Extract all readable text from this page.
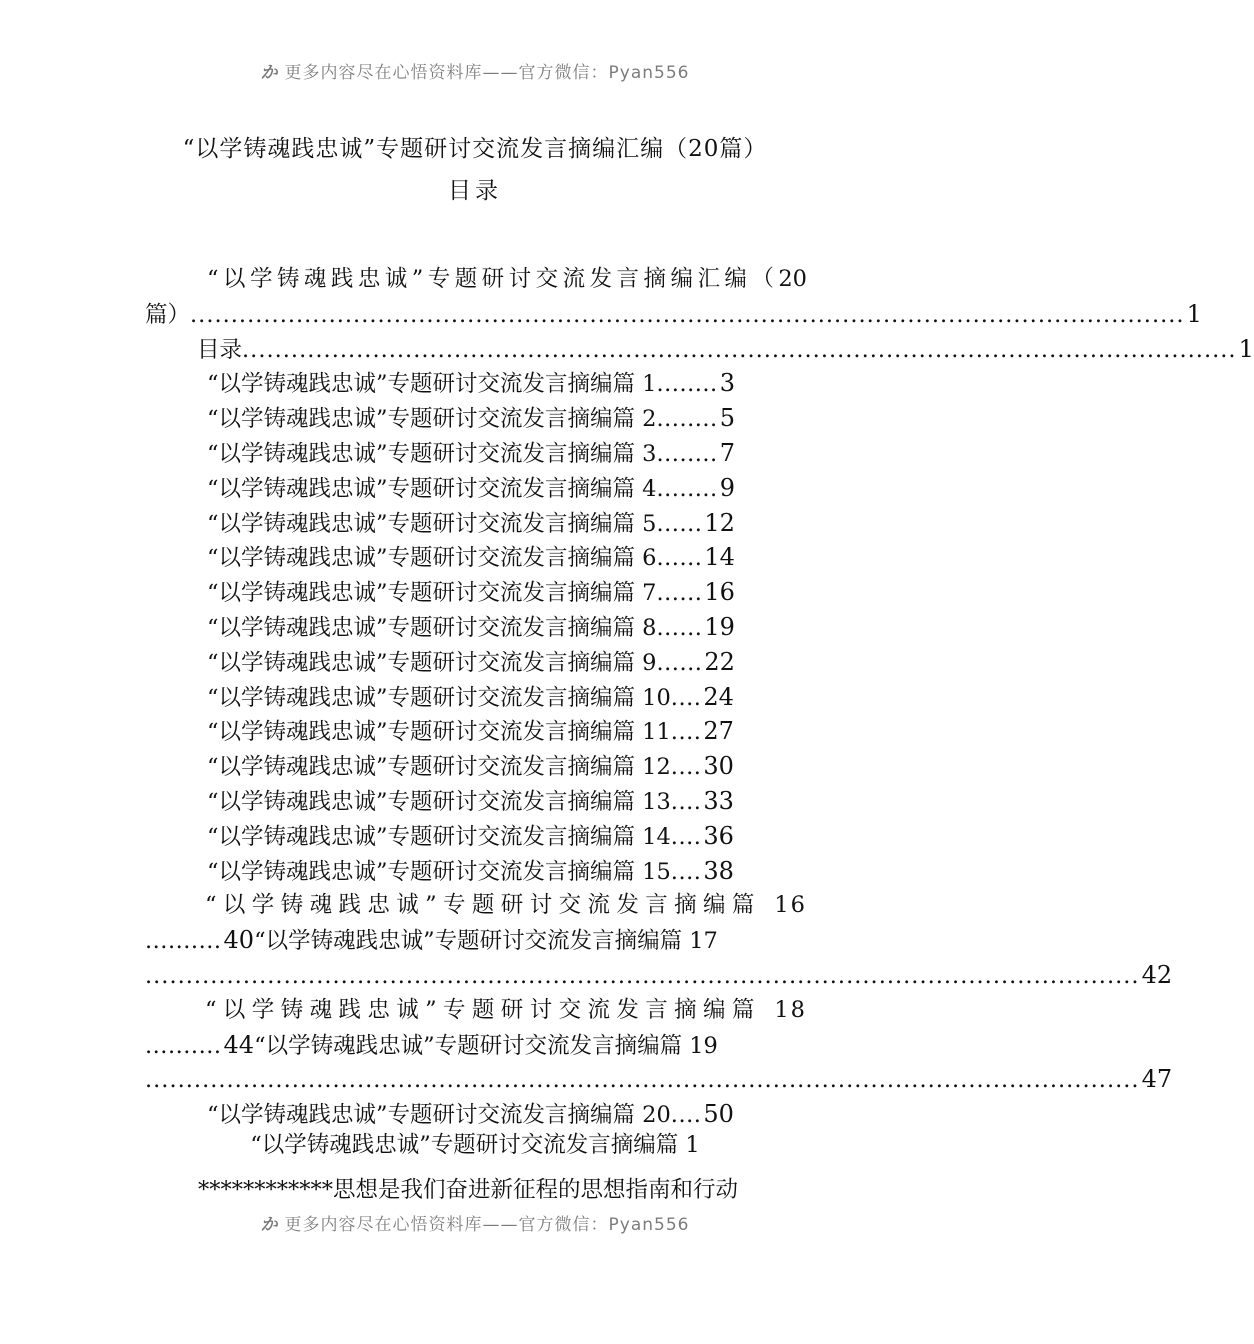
か 更多内容尽在心悟资料库——官方微信：Pyan556
“以学铸魂践忠诚”专题研讨交流发言摘编汇编（20篇）
目录
“以学铸魂践忠诚”专题研讨交流发言摘编汇编（20
篇） .......................................................................................................................... 1
目录 .......................................................................................................................... 1
“以学铸魂践忠诚”专题研讨交流发言摘编篇 1........3
“以学铸魂践忠诚”专题研讨交流发言摘编篇 2........5
“以学铸魂践忠诚”专题研讨交流发言摘编篇 3........7
“以学铸魂践忠诚”专题研讨交流发言摘编篇 4........9
“以学铸魂践忠诚”专题研讨交流发言摘编篇 5......12
“以学铸魂践忠诚”专题研讨交流发言摘编篇 6......14
“以学铸魂践忠诚”专题研讨交流发言摘编篇 7......16
“以学铸魂践忠诚”专题研讨交流发言摘编篇 8......19
“以学铸魂践忠诚”专题研讨交流发言摘编篇 9......22
“以学铸魂践忠诚”专题研讨交流发言摘编篇 10....24
“以学铸魂践忠诚”专题研讨交流发言摘编篇 11....27
“以学铸魂践忠诚”专题研讨交流发言摘编篇 12....30
“以学铸魂践忠诚”专题研讨交流发言摘编篇 13....33
“以学铸魂践忠诚”专题研讨交流发言摘编篇 14....36
“以学铸魂践忠诚”专题研讨交流发言摘编篇 15....38
“以学铸魂践忠诚”专题研讨交流发言摘编篇 16
..........40“以学铸魂践忠诚”专题研讨交流发言摘编篇 17
.......................................................................................................................... 42
“以学铸魂践忠诚”专题研讨交流发言摘编篇 18
..........44“以学铸魂践忠诚”专题研讨交流发言摘编篇 19
.......................................................................................................................... 47
“以学铸魂践忠诚”专题研讨交流发言摘编篇 20....50
“以学铸魂践忠诚”专题研讨交流发言摘编篇 1
************思想是我们奋进新征程的思想指南和行动
か 更多内容尽在心悟资料库——官方微信：Pyan556
